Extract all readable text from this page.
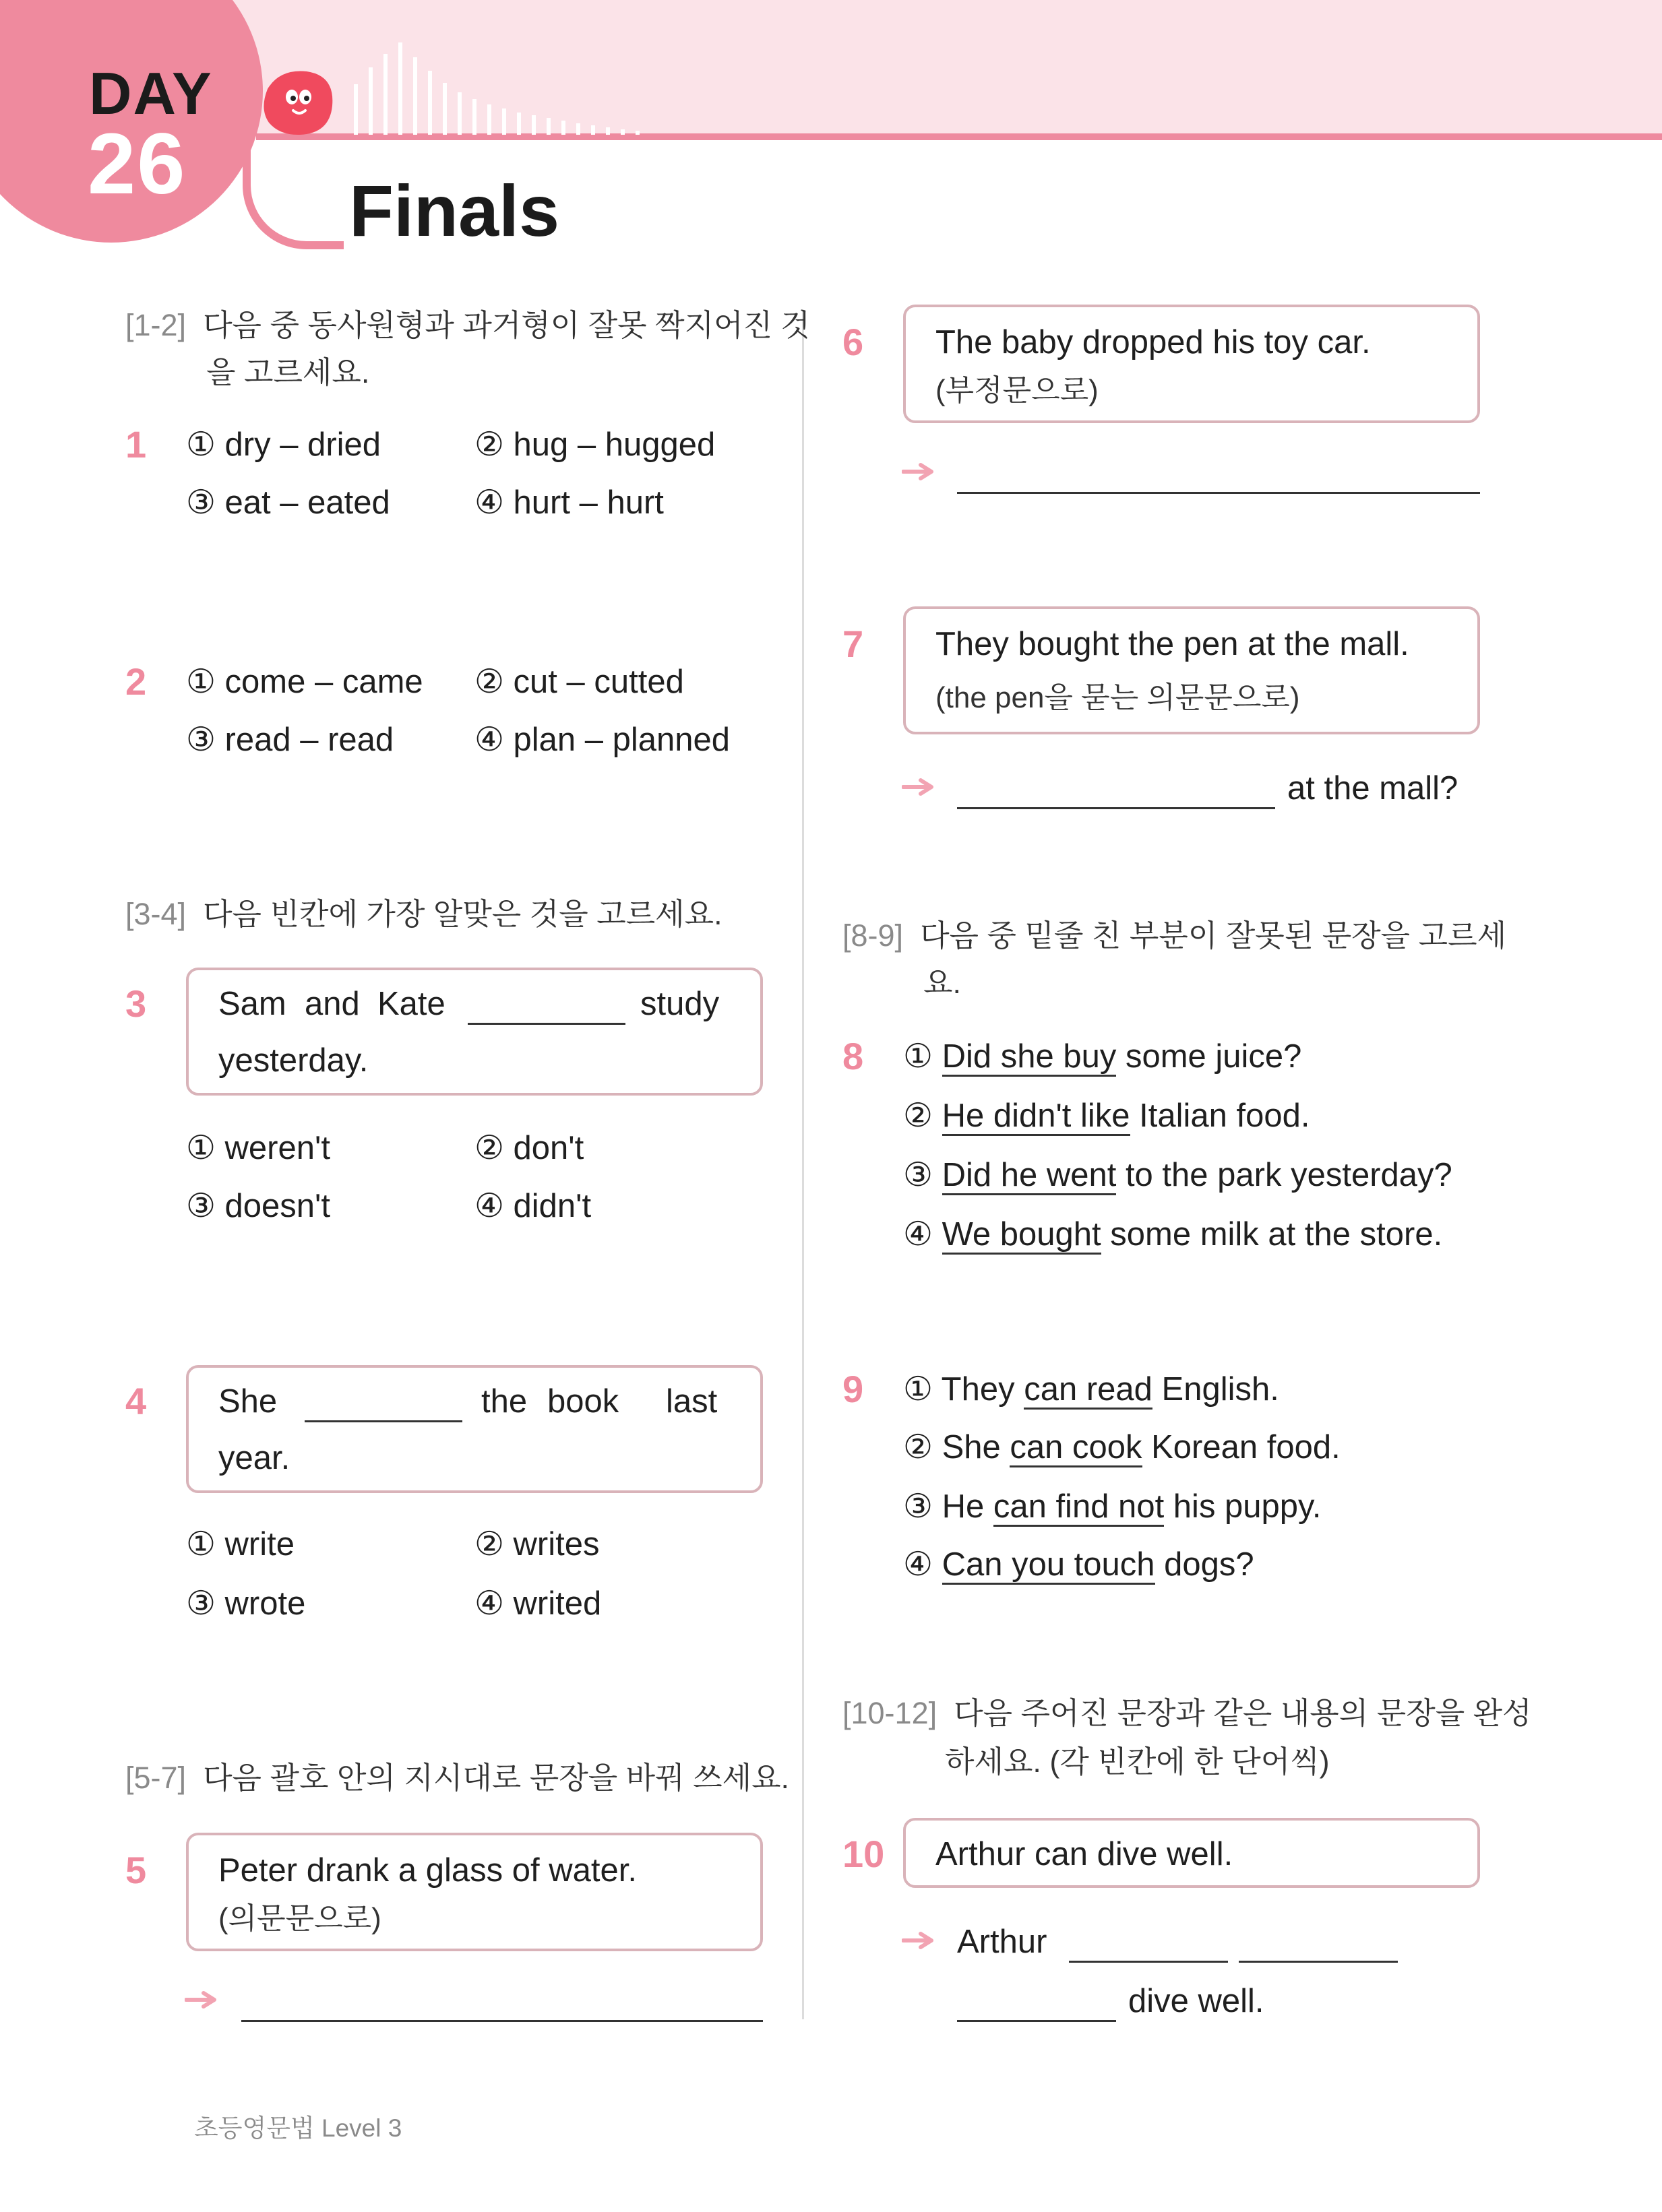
DAY
26 Finals
[1-2] 다음 중 동사원형과 과거형이 잘못 짝지어진 것
을 고르세요.
1 ① dry – dried	② hug – hugged
③ eat – eated	④ hurt – hurt
2 ① come – came ② cut – cutted
③ read – read ④ plan – planned
[3-4] 다음 빈칸에 가장 알맞은 것을 고르세요.
3 Sam and Kate	study
yesterday.
① weren't	② don't
③ doesn't	④ didn't
4 She	the book last
year.
① write	② writes
③ wrote	④ writed
[5-7] 다음 괄호 안의 지시대로 문장을 바꿔 쓰세요.
5 Peter drank a glass of water.
(의문문으로)
6 The baby dropped his toy car.
(부정문으로)
7 They bought the pen at the mall.
(the pen을 묻는 의문문으로)
at the mall?
[8-9] 다음 중 밑줄 친 부분이 잘못된 문장을 고르세
요.
8 ① Did she buy some juice?
② He didn't like Italian food.
③ Did he went to the park yesterday?
④ We bought some milk at the store.
9 ① They can read English.
② She can cook Korean food.
③ He can find not his puppy.
④ Can you touch dogs?
[10-12] 다음 주어진 문장과 같은 내용의 문장을 완성
하세요. (각 빈칸에 한 단어씩)
10 Arthur can dive well.
Arthur
dive well.
초등영문법 Level 3
